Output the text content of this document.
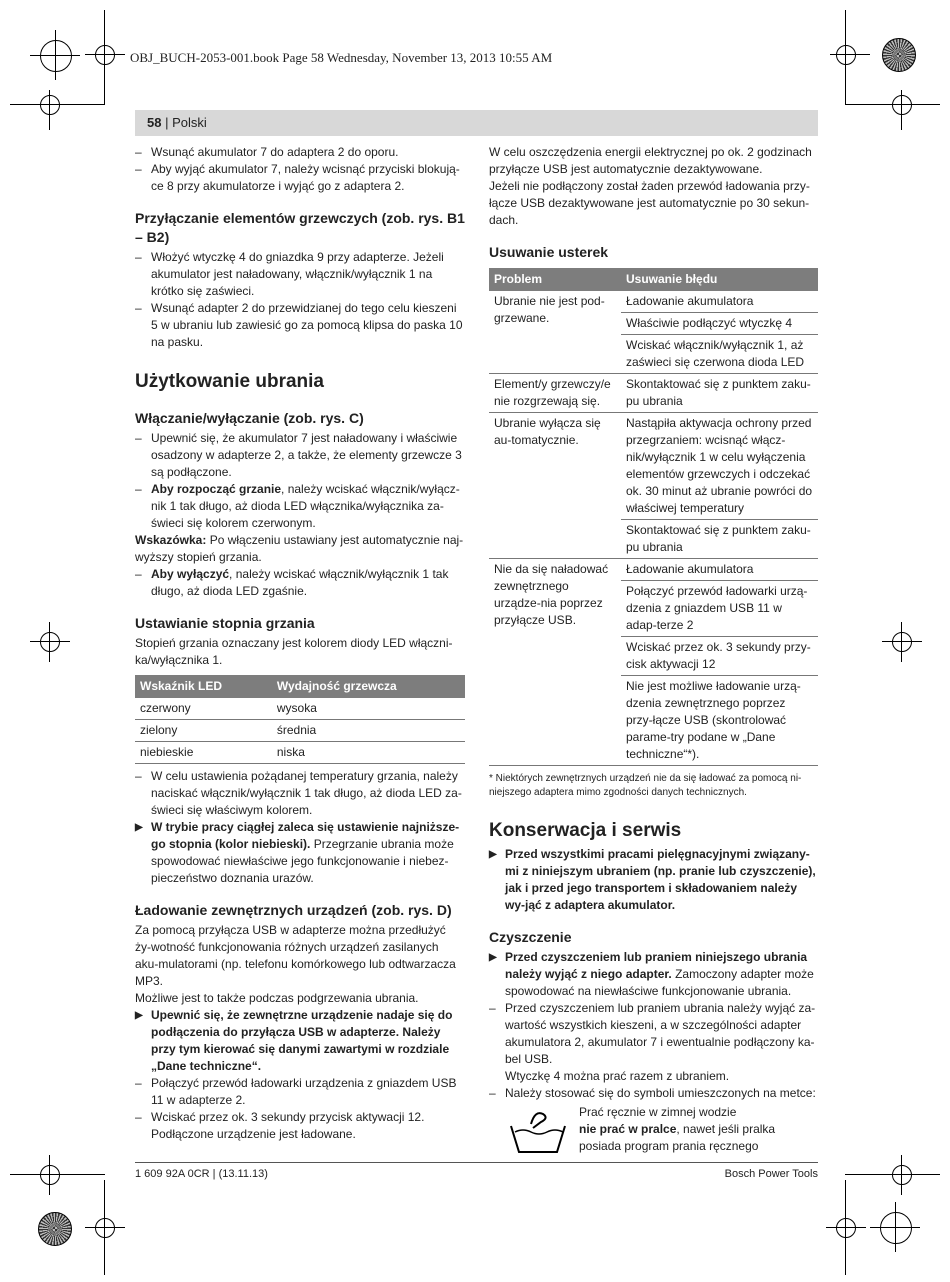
OBJ_BUCH-2053-001.book Page 58 Wednesday, November 13, 2013 10:55 AM
58 | Polski

– Wsunąć akumulator 7 do adaptera 2 do oporu.

– Aby wyjąć akumulator 7, należy wcisnąć przyciski blokują-ce 8 przy akumulatorze i wyjąć go z adaptera 2.

Przyłączanie elementów grzewczych (zob. rys. B1 – B2)

– Włożyć wtyczkę 4 do gniazdka 9 przy adapterze. Jeżeli akumulator jest naładowany, włącznik/wyłącznik 1 na krótko się zaświeci.

– Wsunąć adapter 2 do przewidzianej do tego celu kieszeni 5 w ubraniu lub zawiesić go za pomocą klipsa do paska 10 na pasku.

Użytkowanie ubrania

Włączanie/wyłączanie (zob. rys. C)

– Upewnić się, że akumulator 7 jest naładowany i właściwie osadzony w adapterze 2, a także, że elementy grzewcze 3 są podłączone.

– Aby rozpocząć grzanie, należy wciskać włącznik/wyłącz-nik 1 tak długo, aż dioda LED włącznika/wyłącznika za-świeci się kolorem czerwonym.

Wskazówka: Po włączeniu ustawiany jest automatycznie naj-wyższy stopień grzania.

– Aby wyłączyć, należy wciskać włącznik/wyłącznik 1 tak długo, aż dioda LED zgaśnie.

Ustawianie stopnia grzania

Stopień grzania oznaczany jest kolorem diody LED włączni-ka/wyłącznika 1.

Wskaźnik LED	Wydajność grzewcza
czerwony	wysoka
zielony	średnia
niebieskie	niska

– W celu ustawienia pożądanej temperatury grzania, należy naciskać włącznik/wyłącznik 1 tak długo, aż dioda LED za-świeci się właściwym kolorem.

▶ W trybie pracy ciągłej zaleca się ustawienie najniższe-go stopnia (kolor niebieski). Przegrzanie ubrania może spowodować niewłaściwe jego funkcjonowanie i niebez-pieczeństwo doznania urazów.

Ładowanie zewnętrznych urządzeń (zob. rys. D)

Za pomocą przyłącza USB w adapterze można przedłużyć ży-wotność funkcjonowania różnych urządzeń zasilanych aku-mulatorami (np. telefonu komórkowego lub odtwarzacza MP3.

Możliwe jest to także podczas podgrzewania ubrania.

▶ Upewnić się, że zewnętrzne urządzenie nadaje się do podłączenia do przyłącza USB w adapterze. Należy przy tym kierować się danymi zawartymi w rozdziale „Dane techniczne“.

– Połączyć przewód ładowarki urządzenia z gniazdem USB 11 w adapterze 2.

– Wciskać przez ok. 3 sekundy przycisk aktywacji 12. Podłączone urządzenie jest ładowane.

W celu oszczędzenia energii elektrycznej po ok. 2 godzinach przyłącze USB jest automatycznie dezaktywowane.

Jeżeli nie podłączony został żaden przewód ładowania przy-łącze USB dezaktywowane jest automatycznie po 30 sekun-dach.

Usuwanie usterek

Problem	Usuwanie błędu
Ubranie nie jest pod-grzewane.	Ładowanie akumulatora
	Właściwie podłączyć wtyczkę 4
	Wciskać włącznik/wyłącznik 1, aż zaświeci się czerwona dioda LED
Element/y grzewczy/e nie rozgrzewają się.	Skontaktować się z punktem zaku-pu ubrania
Ubranie wyłącza się au-tomatycznie.	Nastąpiła aktywacja ochrony przed przegrzaniem: wcisnąć włącz-nik/wyłącznik 1 w celu wyłączenia elementów grzewczych i odczekać ok. 30 minut aż ubranie powróci do właściwej temperatury
	Skontaktować się z punktem zaku-pu ubrania
Nie da się naładować zewnętrznego urządze-nia poprzez przyłącze USB.	Ładowanie akumulatora
	Połączyć przewód ładowarki urzą-dzenia z gniazdem USB 11 w adap-terze 2
	Wciskać przez ok. 3 sekundy przy-cisk aktywacji 12
	Nie jest możliwe ładowanie urzą-dzenia zewnętrznego poprzez przy-łącze USB (skontrolować parame-try podane w „Dane techniczne“*).

* Niektórych zewnętrznych urządzeń nie da się ładować za pomocą ni-niejszego adaptera mimo zgodności danych technicznych.

Konserwacja i serwis

▶ Przed wszystkimi pracami pielęgnacyjnymi związany-mi z niniejszym ubraniem (np. pranie lub czyszczenie), jak i przed jego transportem i składowaniem należy wy-jąć z adaptera akumulator.

Czyszczenie

▶ Przed czyszczeniem lub praniem niniejszego ubrania należy wyjąć z niego adapter. Zamoczony adapter może spowodować na niewłaściwe funkcjonowanie ubrania.

– Przed czyszczeniem lub praniem ubrania należy wyjąć za-wartość wszystkich kieszeni, a w szczególności adapter akumulatora 2, akumulator 7 i ewentualnie podłączony ka-bel USB.

Wtyczkę 4 można prać razem z ubraniem.

– Należy stosować się do symboli umieszczonych na metce:

Prać ręcznie w zimnej wodzie

nie prać w pralce, nawet jeśli pralka posiada program prania ręcznego

1 609 92A 0CR | (13.11.13)	Bosch Power Tools
